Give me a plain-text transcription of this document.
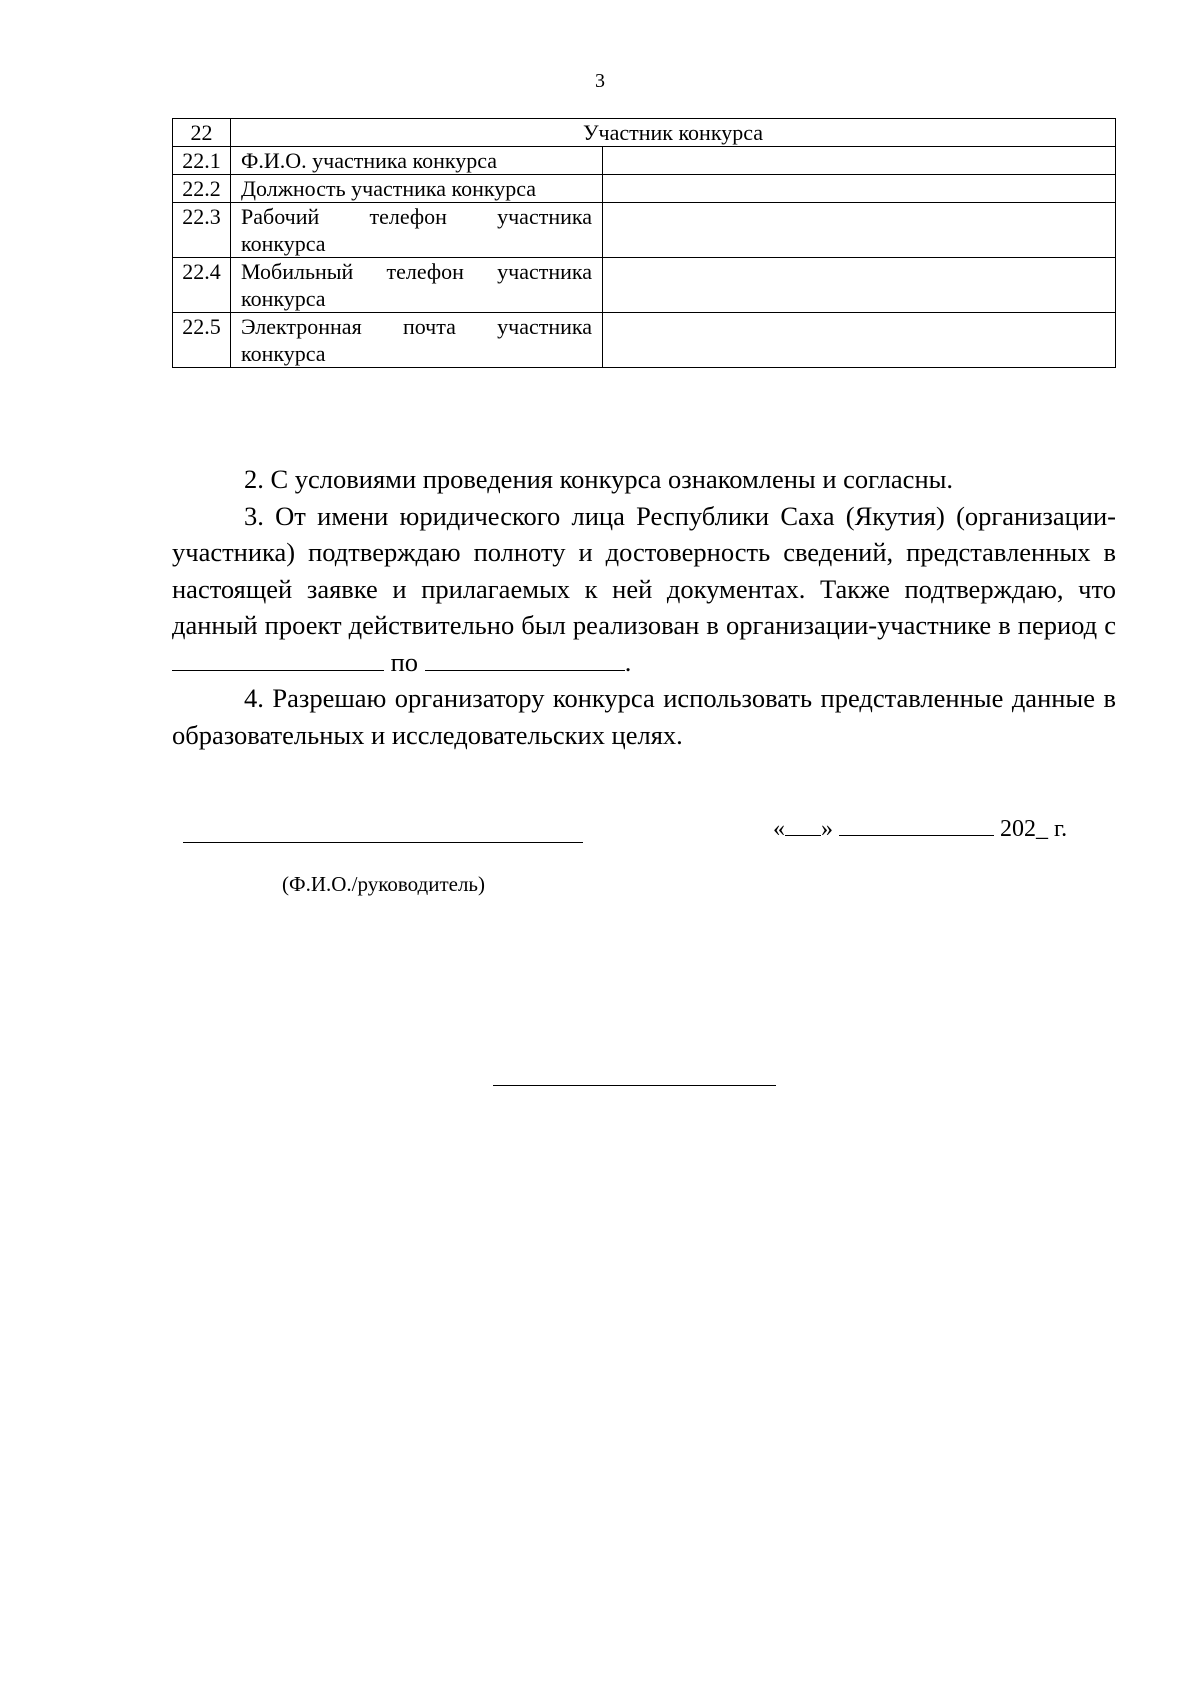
3
22	Участник конкурса	
22.1	Ф.И.О. участника конкурса	
22.2	Должность участника конкурса	
22.3	Рабочий телефон участника
конкурса	

22.4	Мобильный телефон участника
конкурса	

22.5	Электронная почта участника
конкурса	

2. С условиями проведения конкурса ознакомлены и согласны.

3. От имени юридического лица Республики Саха (Якутия) (организации-участника) подтверждаю полноту и достоверность сведений, представленных в настоящей заявке и прилагаемых к ней документах. Также подтверждаю, что данный проект действительно был реализован в организации-участнике в период с  по	.

4. Разрешаю организатору конкурса использовать представленные данные в образовательных и исследовательских целях.

« »	202_ г.
(Ф.И.О./руководитель)
